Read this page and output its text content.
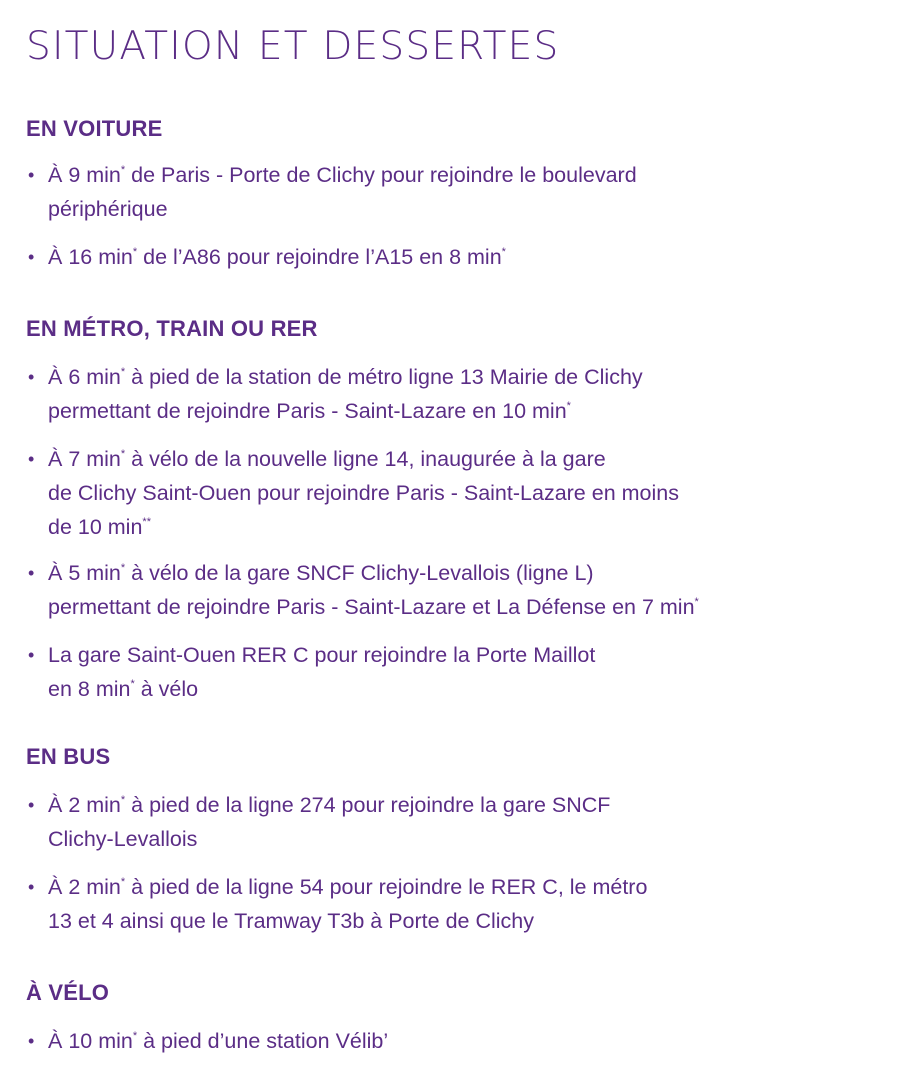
SITUATION ET DESSERTES
EN VOITURE
• À 9 min* de Paris - Porte de Clichy pour rejoindre le boulevard
périphérique
• À 16 min* de l’A86 pour rejoindre l’A15 en 8 min*
EN MÉTRO, TRAIN OU RER
• À 6 min* à pied de la station de métro ligne 13 Mairie de Clichy
permettant de rejoindre Paris - Saint-Lazare en 10 min*
• À 7 min* à vélo de la nouvelle ligne 14, inaugurée à la gare
de Clichy Saint-Ouen pour rejoindre Paris - Saint-Lazare en moins
de 10 min**
• À 5 min* à vélo de la gare SNCF Clichy-Levallois (ligne L)
permettant de rejoindre Paris - Saint-Lazare et La Défense en 7 min*
• La gare Saint-Ouen RER C pour rejoindre la Porte Maillot
en 8 min* à vélo
EN BUS
• À 2 min* à pied de la ligne 274 pour rejoindre la gare SNCF
Clichy-Levallois
• À 2 min* à pied de la ligne 54 pour rejoindre le RER C, le métro
13 et 4 ainsi que le Tramway T3b à Porte de Clichy
À VÉLO
• À 10 min* à pied d’une station Vélib’
